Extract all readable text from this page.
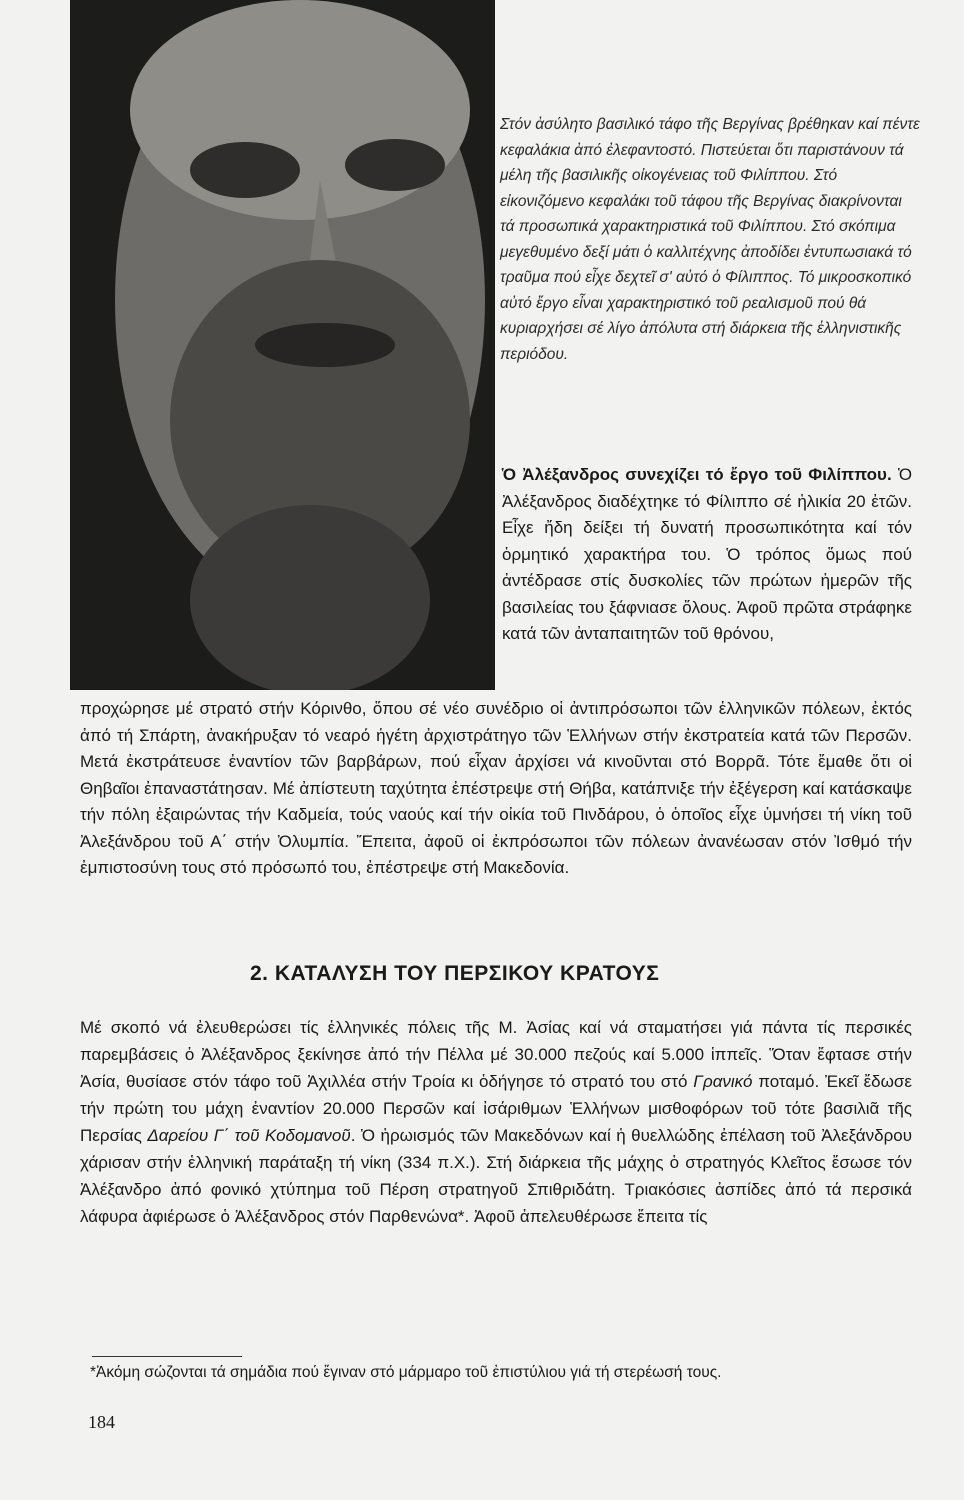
Στόν ἀσύλητο βασιλικό τάφο τῆς Βεργίνας βρέθηκαν καί πέντε κεφαλάκια ἀπό ἐλεφαντοστό. Πιστεύεται ὅτι παριστάνουν τά μέλη τῆς βασιλικῆς οἰκογένειας τοῦ Φιλίππου. Στό εἰκονιζόμενο κεφαλάκι τοῦ τάφου τῆς Βεργίνας διακρίνονται τά προσωπικά χαρακτηριστικά τοῦ Φιλίππου. Στό σκόπιμα μεγεθυμένο δεξί μάτι ὁ καλλιτέχνης ἀποδίδει ἐντυπωσιακά τό τραῦμα πού εἶχε δεχτεῖ σ' αὐτό ὁ Φίλιππος. Τό μικροσκοπικό αὐτό ἔργο εἶναι χαρακτηριστικό τοῦ ρεαλισμοῦ πού θά κυριαρχήσει σέ λίγο ἀπόλυτα στή διάρκεια τῆς ἑλληνιστικῆς περιόδου.

Ὁ Ἀλέξανδρος συνεχίζει τό ἔργο τοῦ Φιλίππου. Ὁ Ἀλέξανδρος διαδέχτηκε τό Φίλιππο σέ ἡλικία 20 ἐτῶν. Εἶχε ἤδη δείξει τή δυνατή προσωπικότητα καί τόν ὁρμητικό χαρακτήρα του. Ὁ τρόπος ὅμως πού ἀντέδρασε στίς δυσκολίες τῶν πρώτων ἡμερῶν τῆς βασιλείας του ξάφνιασε ὅλους. Ἀφοῦ πρῶτα στράφηκε κατά τῶν ἀνταπαιτητῶν τοῦ θρόνου,

προχώρησε μέ στρατό στήν Κόρινθο, ὅπου σέ νέο συνέδριο οἱ ἀντιπρόσωποι τῶν ἑλληνικῶν πόλεων, ἐκτός ἀπό τή Σπάρτη, ἀνακήρυξαν τό νεαρό ἡγέτη ἀρχιστράτηγο τῶν Ἑλλήνων στήν ἐκστρατεία κατά τῶν Περσῶν. Μετά ἐκστράτευσε ἐναντίον τῶν βαρβάρων, πού εἶχαν ἀρχίσει νά κινοῦνται στό Βορρᾶ. Τότε ἔμαθε ὅτι οἱ Θηβαῖοι ἐπαναστάτησαν. Μέ ἀπίστευτη ταχύτητα ἐπέστρεψε στή Θήβα, κατάπνιξε τήν ἐξέγερση καί κατάσκαψε τήν πόλη ἐξαιρώντας τήν Καδμεία, τούς ναούς καί τήν οἰκία τοῦ Πινδάρου, ὁ ὁποῖος εἶχε ὑμνήσει τή νίκη τοῦ Ἀλεξάνδρου τοῦ Α΄ στήν Ὀλυμπία. Ἔπειτα, ἀφοῦ οἱ ἐκπρόσωποι τῶν πόλεων ἀνανέωσαν στόν Ἰσθμό τήν ἐμπιστοσύνη τους στό πρόσωπό του, ἐπέστρεψε στή Μακεδονία.

2. ΚΑΤΑΛΥΣΗ ΤΟΥ ΠΕΡΣΙΚΟΥ ΚΡΑΤΟΥΣ

Μέ σκοπό νά ἐλευθερώσει τίς ἑλληνικές πόλεις τῆς Μ. Ἀσίας καί νά σταματήσει γιά πάντα τίς περσικές παρεμβάσεις ὁ Ἀλέξανδρος ξεκίνησε ἀπό τήν Πέλλα μέ 30.000 πεζούς καί 5.000 ἱππεῖς. Ὅταν ἔφτασε στήν Ἀσία, θυσίασε στόν τάφο τοῦ Ἀχιλλέα στήν Τροία κι ὁδήγησε τό στρατό του στό Γρανικό ποταμό. Ἐκεῖ ἔδωσε τήν πρώτη του μάχη ἐναντίον 20.000 Περσῶν καί ἰσάριθμων Ἑλλήνων μισθοφόρων τοῦ τότε βασιλιᾶ τῆς Περσίας Δαρείου Γ΄ τοῦ Κοδομανοῦ. Ὁ ἡρωισμός τῶν Μακεδόνων καί ἡ θυελλώδης ἐπέλαση τοῦ Ἀλεξάνδρου χάρισαν στήν ἑλληνική παράταξη τή νίκη (334 π.Χ.). Στή διάρκεια τῆς μάχης ὁ στρατηγός Κλεῖτος ἔσωσε τόν Ἀλέξανδρο ἀπό φονικό χτύπημα τοῦ Πέρση στρατηγοῦ Σπιθριδάτη. Τριακόσιες ἀσπίδες ἀπό τά περσικά λάφυρα ἀφιέρωσε ὁ Ἀλέξανδρος στόν Παρθενώνα*. Ἀφοῦ ἀπελευθέρωσε ἔπειτα τίς

*Ἀκόμη σώζονται τά σημάδια πού ἔγιναν στό μάρμαρο τοῦ ἐπιστύλιου γιά τή στερέωσή τους.

184
